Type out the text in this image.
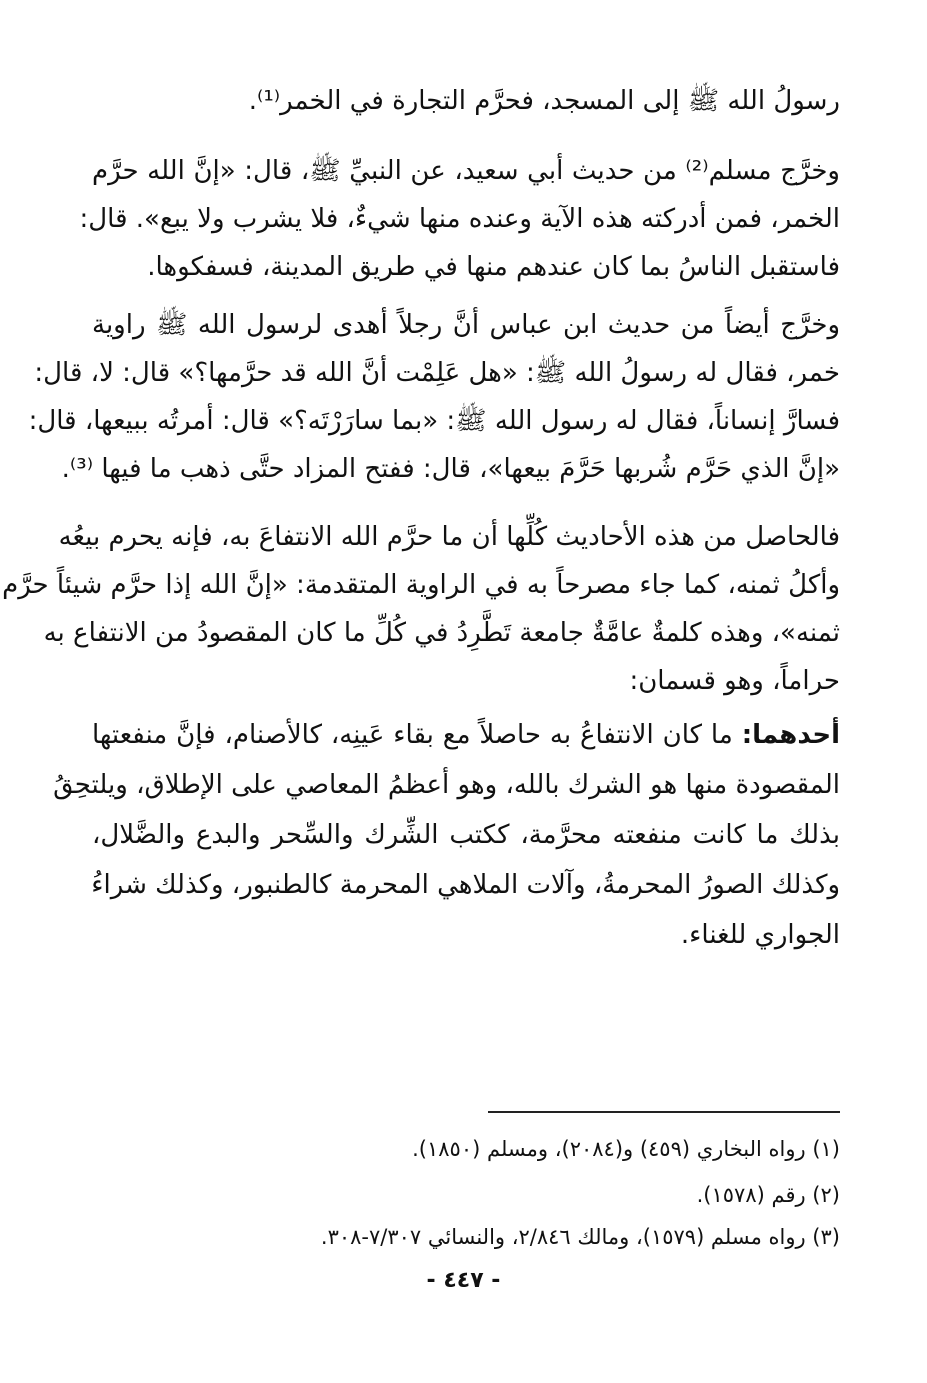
رسولُ الله ﷺ إلى المسجد، فحرَّم التجارة في الخمر⁽¹⁾.
وخرَّج مسلم⁽²⁾ من حديث أبي سعيد، عن النبيِّ ﷺ، قال: «إنَّ الله حرَّم
الخمر، فمن أدركته هذه الآية وعنده منها شيءٌ، فلا يشرب ولا يبع». قال:
فاستقبل الناسُ بما كان عندهم منها في طريق المدينة، فسفكوها.
وخرَّج أيضاً من حديث ابن عباس أنَّ رجلاً أهدى لرسول الله ﷺ راوية
خمر، فقال له رسولُ الله ﷺ: «هل عَلِمْت أنَّ الله قد حرَّمها؟» قال: لا، قال:
فسارَّ إنساناً، فقال له رسول الله ﷺ: «بما سارَرْتَه؟» قال: أمرتُه ببيعها، قال:
«إنَّ الذي حَرَّم شُربها حَرَّمَ بيعها»، قال: ففتح المزاد حتَّى ذهب ما فيها ⁽³⁾.
فالحاصل من هذه الأحاديث كُلِّها أن ما حرَّم الله الانتفاعَ به، فإنه يحرم بيعُه
وأكلُ ثمنه، كما جاء مصرحاً به في الراوية المتقدمة: «إنَّ الله إذا حرَّم شيئاً حرَّم
ثمنه»، وهذه كلمةٌ عامَّةٌ جامعة تَطَّرِدُ في كُلِّ ما كان المقصودُ من الانتفاع به
حراماً، وهو قسمان:
أحدهما: ما كان الانتفاعُ به حاصلاً مع بقاء عَينِه، كالأصنام، فإنَّ منفعتها
المقصودة منها هو الشرك بالله، وهو أعظمُ المعاصي على الإطلاق، ويلتحِقُ
بذلك ما كانت منفعته محرَّمة، ككتب الشِّرك والسِّحر والبدع والضَّلال،
وكذلك الصورُ المحرمةُ، وآلات الملاهي المحرمة كالطنبور، وكذلك شراءُ
الجواري للغناء.
(١) رواه البخاري (٤٥٩) و(٢٠٨٤)، ومسلم (١٨٥٠).
(٢) رقم (١٥٧٨).
(٣) رواه مسلم (١٥٧٩)، ومالك ٢/٨٤٦، والنسائي ٧/٣٠٧-٣٠٨.
- ٤٤٧ -
